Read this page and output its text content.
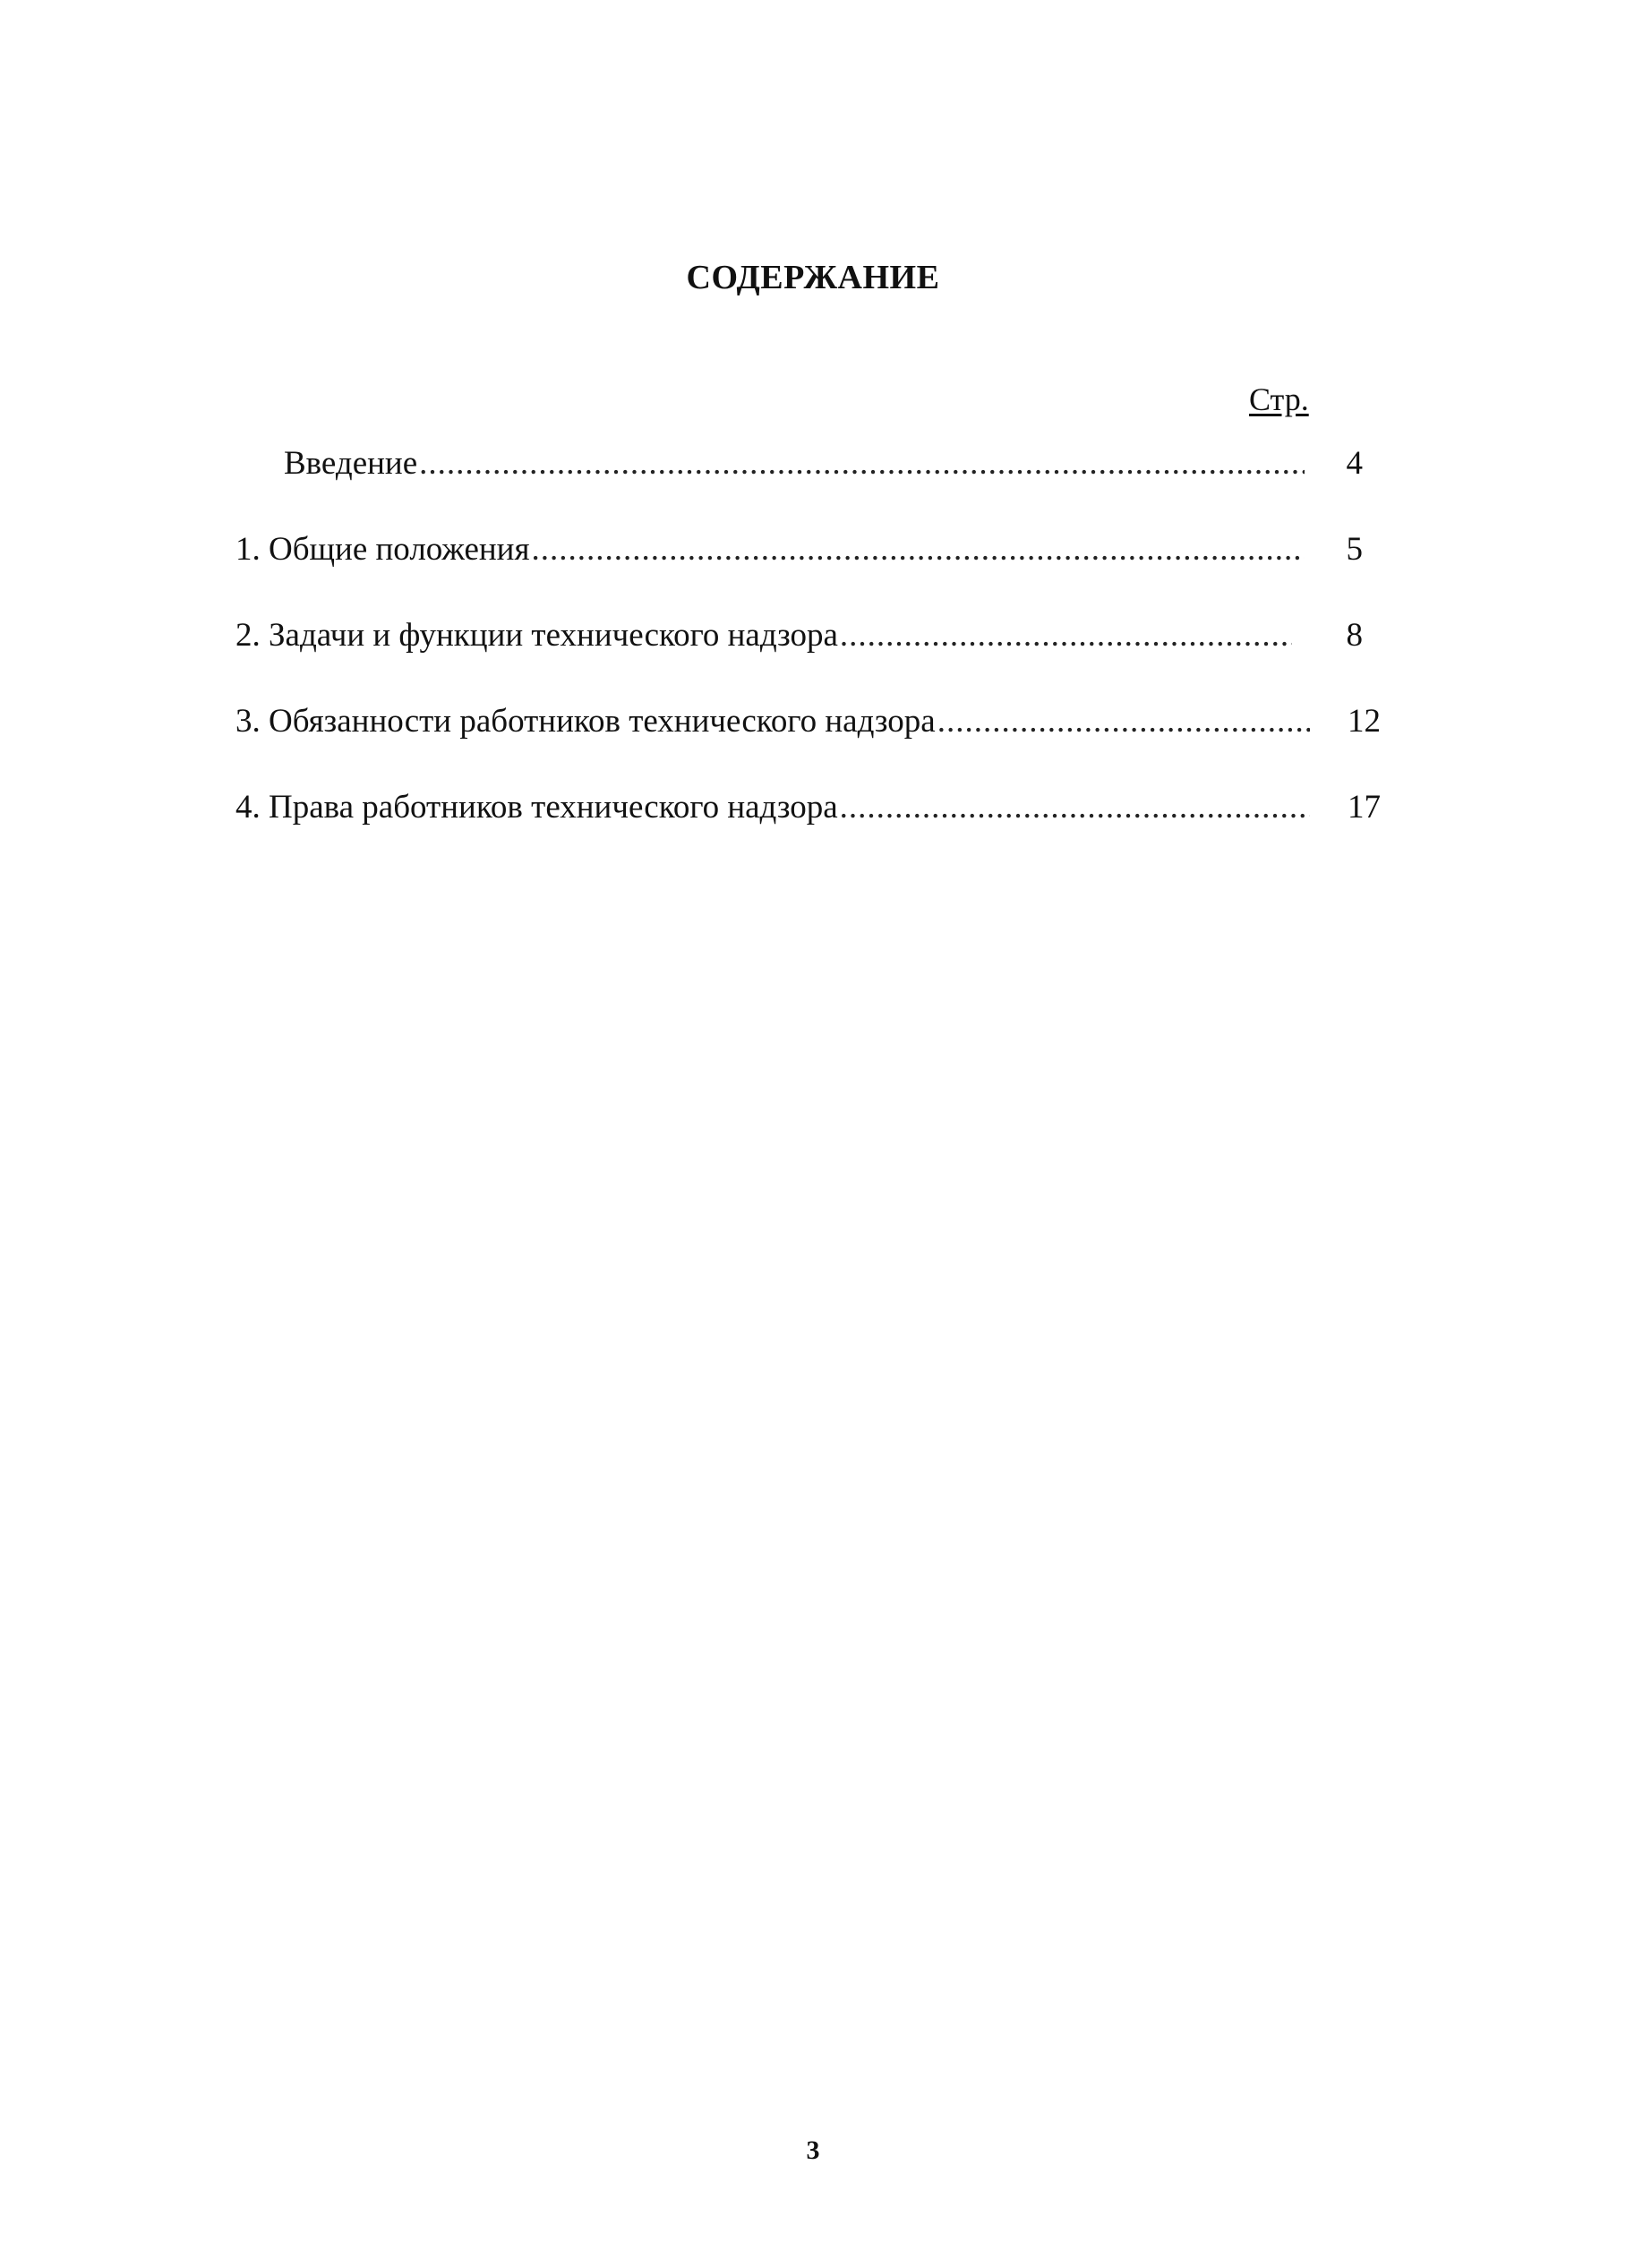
СОДЕРЖАНИЕ
Стр.
Введение .....	4
1. Общие положения .....	5
2. Задачи и функции технического надзора .....	8
3. Обязанности работников технического надзора .....	12
4. Права работников технического надзора .....	17
3
